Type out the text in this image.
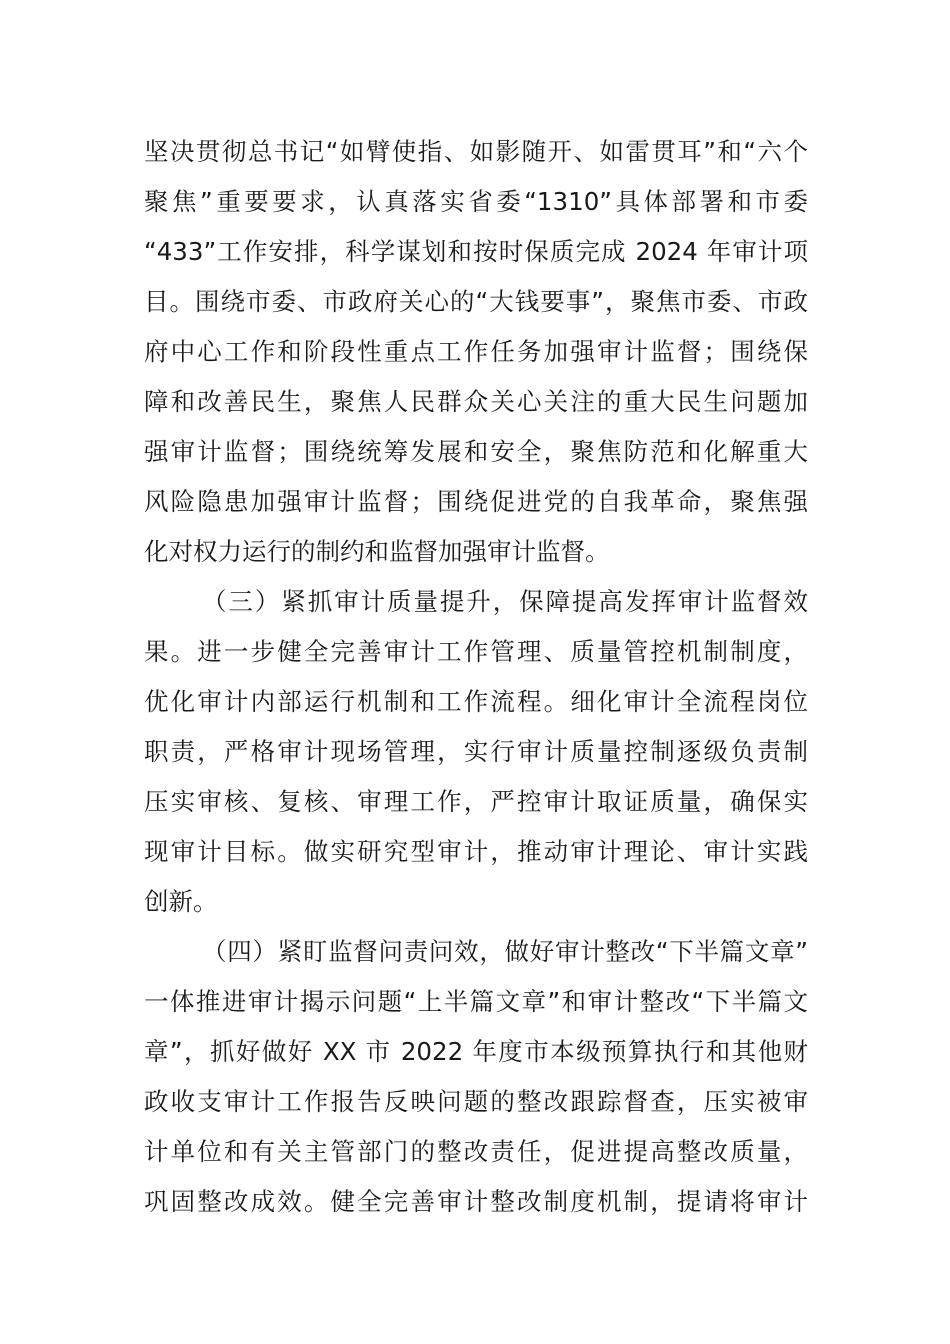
坚决贯彻总书记“如臂使指、如影随开、如雷贯耳”和“六个
聚焦”重要要求，认真落实省委“1310”具体部署和市委
“433”工作安排，科学谋划和按时保质完成 2024 年审计项
目。围绕市委、市政府关心的“大钱要事”，聚焦市委、市政
府中心工作和阶段性重点工作任务加强审计监督；围绕保
障和改善民生，聚焦人民群众关心关注的重大民生问题加
强审计监督；围绕统筹发展和安全，聚焦防范和化解重大
风险隐患加强审计监督；围绕促进党的自我革命，聚焦强
化对权力运行的制约和监督加强审计监督。
（三）紧抓审计质量提升，保障提高发挥审计监督效
果。进一步健全完善审计工作管理、质量管控机制制度，
优化审计内部运行机制和工作流程。细化审计全流程岗位
职责，严格审计现场管理，实行审计质量控制逐级负责制
压实审核、复核、审理工作，严控审计取证质量，确保实
现审计目标。做实研究型审计，推动审计理论、审计实践
创新。
（四）紧盯监督问责问效，做好审计整改“下半篇文章”
一体推进审计揭示问题“上半篇文章”和审计整改“下半篇文
章”，抓好做好 XX 市 2022 年度市本级预算执行和其他财
政收支审计工作报告反映问题的整改跟踪督查，压实被审
计单位和有关主管部门的整改责任，促进提高整改质量，
巩固整改成效。健全完善审计整改制度机制，提请将审计
